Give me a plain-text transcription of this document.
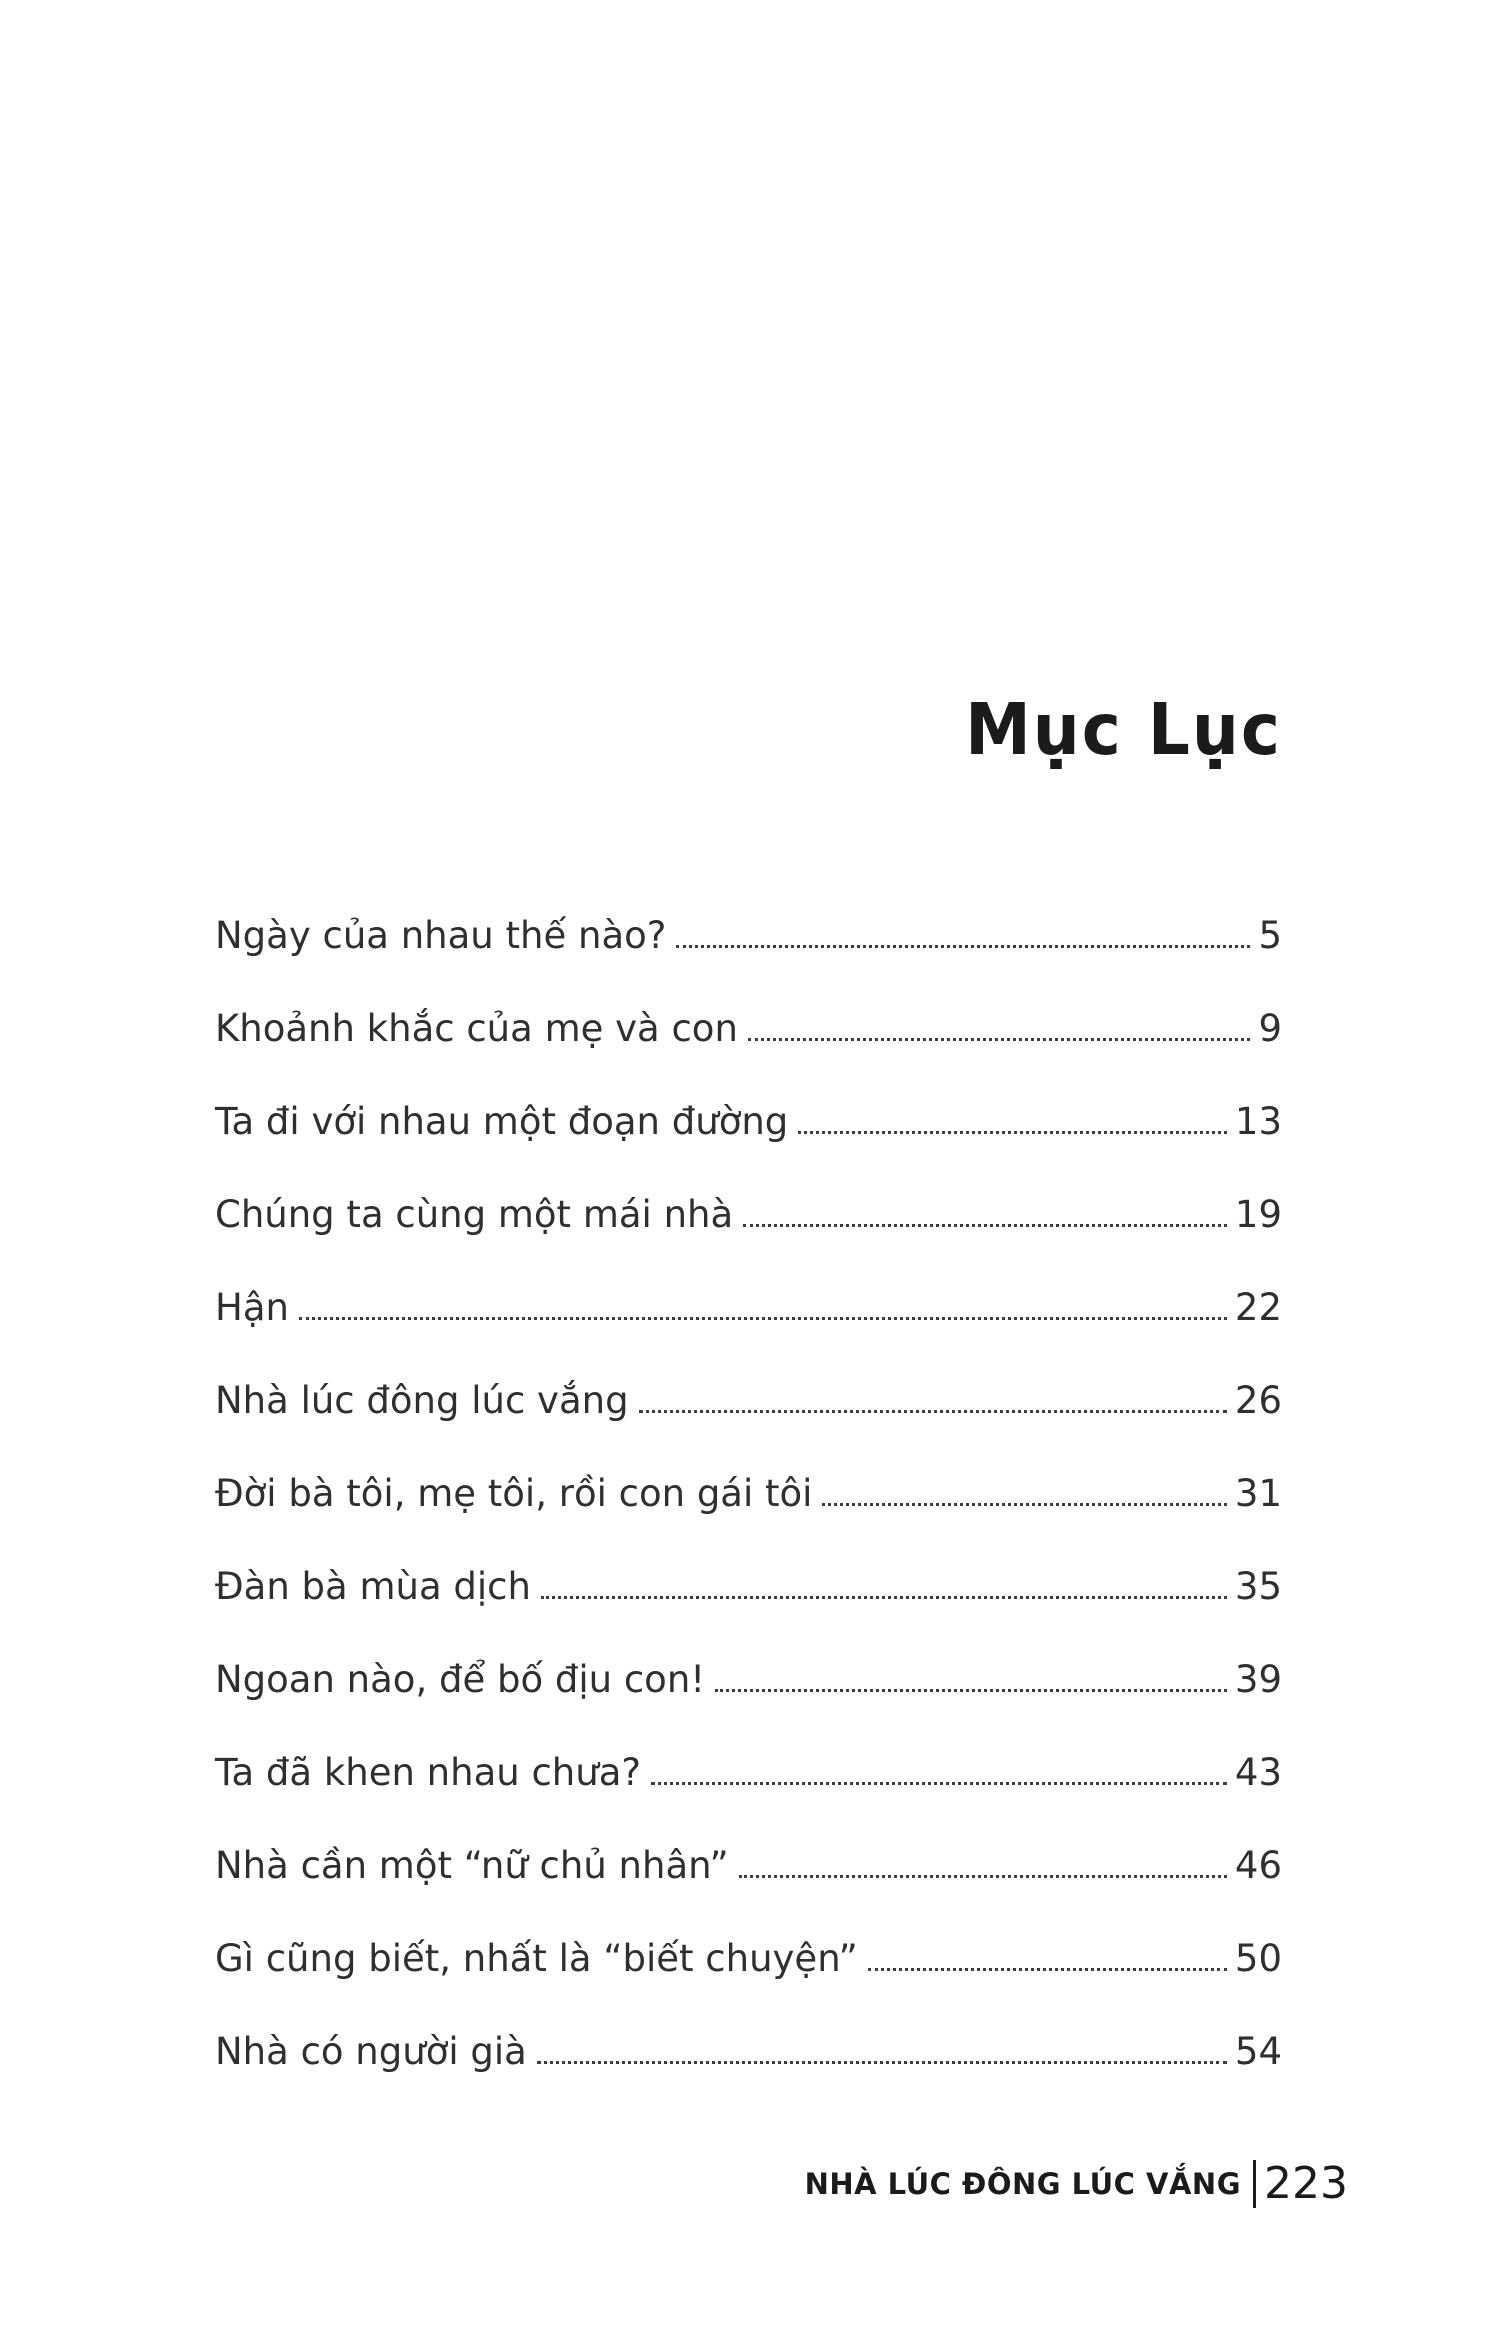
Mục Lục
Ngày của nhau thế nào?	5
Khoảnh khắc của mẹ và con	9
Ta đi với nhau một đoạn đường	13
Chúng ta cùng một mái nhà	19
Hận	22
Nhà lúc đông lúc vắng	26
Đời bà tôi, mẹ tôi, rồi con gái tôi	31
Đàn bà mùa dịch	35
Ngoan nào, để bố địu con!	39
Ta đã khen nhau chưa?	43
Nhà cần một “nữ chủ nhân”	46
Gì cũng biết, nhất là “biết chuyện”	50
Nhà có người già	54
NHÀ LÚC ĐÔNG LÚC VẮNG 223
